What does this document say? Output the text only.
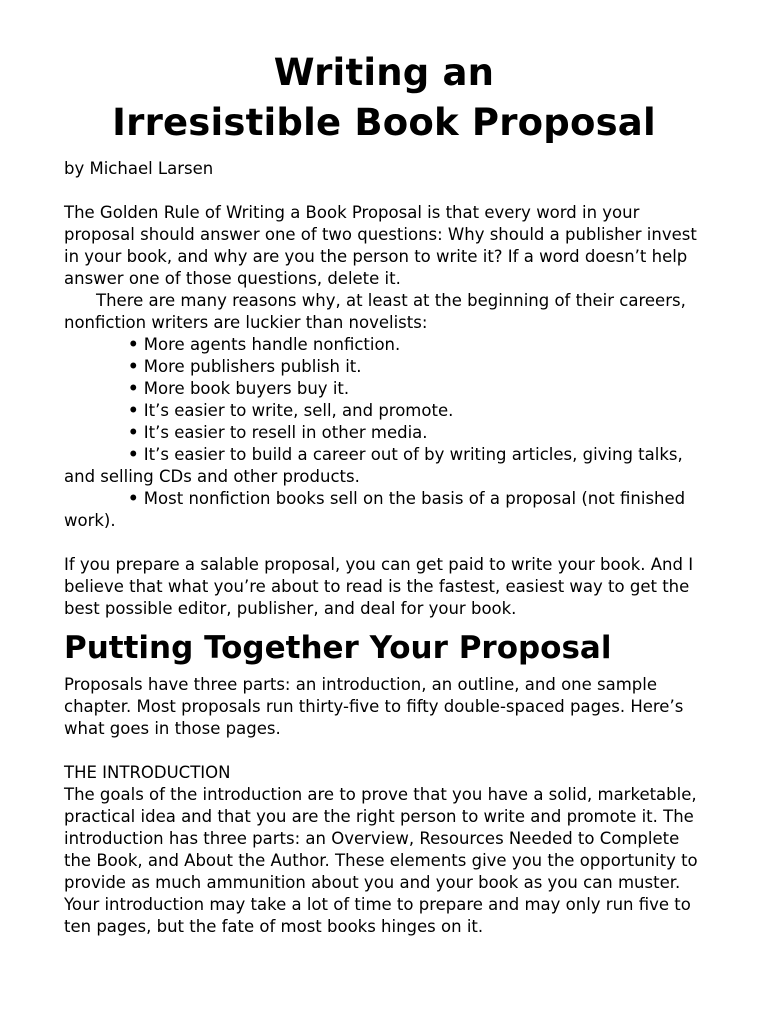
Writing an
Irresistible Book Proposal

by Michael Larsen

The Golden Rule of Writing a Book Proposal is that every word in your proposal should answer one of two questions: Why should a publisher invest in your book, and why are you the person to write it? If a word doesn’t help answer one of those questions, delete it.

There are many reasons why, at least at the beginning of their careers, nonfiction writers are luckier than novelists:

• More agents handle nonfiction.
• More publishers publish it.
• More book buyers buy it.
• It’s easier to write, sell, and promote.
• It’s easier to resell in other media.
• It’s easier to build a career out of by writing articles, giving talks, and selling CDs and other products.
• Most nonfiction books sell on the basis of a proposal (not finished work).

If you prepare a salable proposal, you can get paid to write your book. And I believe that what you’re about to read is the fastest, easiest way to get the best possible editor, publisher, and deal for your book.

Putting Together Your Proposal

Proposals have three parts: an introduction, an outline, and one sample chapter. Most proposals run thirty-five to fifty double-spaced pages. Here’s what goes in those pages.

THE INTRODUCTION

The goals of the introduction are to prove that you have a solid, marketable, practical idea and that you are the right person to write and promote it. The introduction has three parts: an Overview, Resources Needed to Complete the Book, and About the Author. These elements give you the opportunity to provide as much ammunition about you and your book as you can muster. Your introduction may take a lot of time to prepare and may only run five to ten pages, but the fate of most books hinges on it.
